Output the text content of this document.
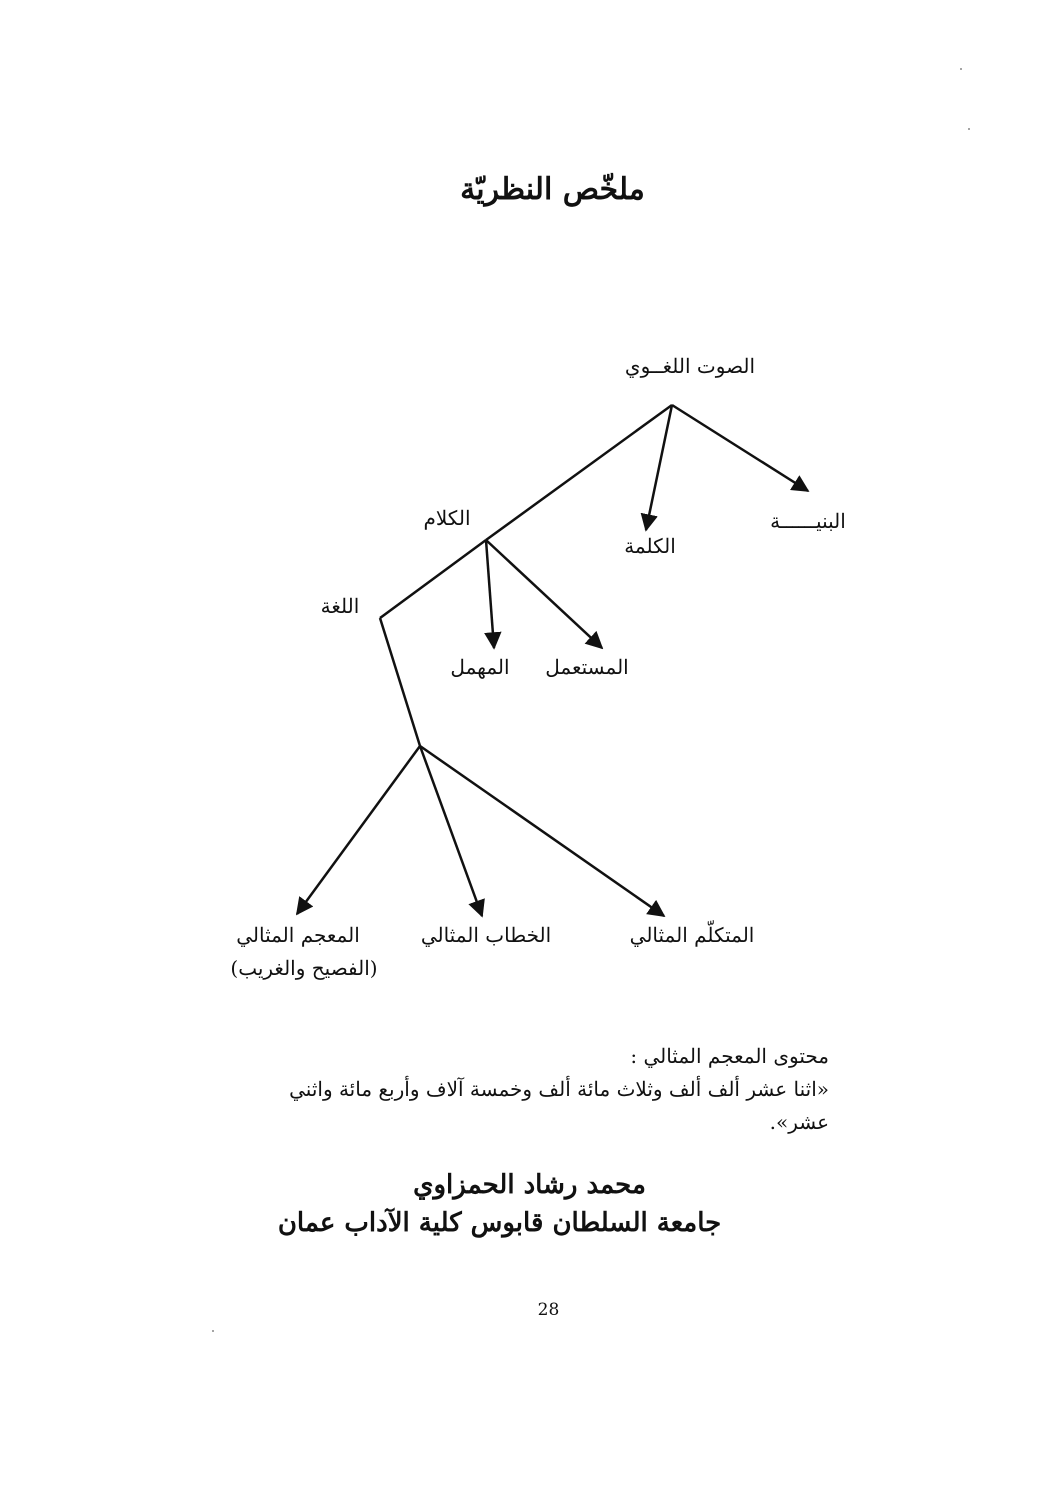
ملخّص النظريّة
الصوت اللغــوي
الكلام
الكلمة
البنيــــــة
اللغة
المهمل المستعمل
المعجم المثالي
(الفصيح والغريب)
الخطاب المثالي	المتكلّم المثالي
محتوى المعجم المثالي :
«اثنا عشر ألف ألف وثلاث مائة ألف وخمسة آلاف وأربع مائة واثني عشر».
محمد رشاد الحمزاوي
جامعة السلطان قابوس كلية الآداب عمان
28
